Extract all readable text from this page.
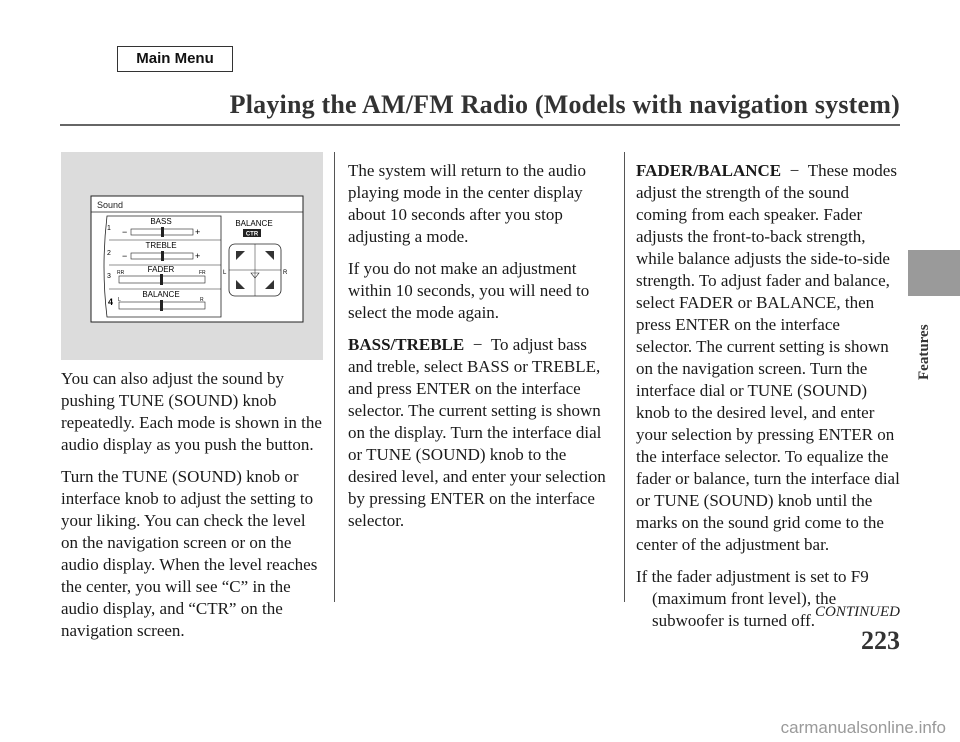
Main Menu
Playing the AM/FM Radio (Models with navigation system)
Sound
1
2
3
4
BASS
−	+
TREBLE
−	+
FADER
RR	FR
BALANCE
L	R
BALANCE
CTR
L	R

You can also adjust the sound by pushing TUNE (SOUND) knob repeatedly. Each mode is shown in the audio display as you push the button.

Turn the TUNE (SOUND) knob or interface knob to adjust the setting to your liking. You can check the level on the navigation screen or on the audio display. When the level reaches the center, you will see “C” in the audio display, and “CTR” on the navigation screen.

The system will return to the audio playing mode in the center display about 10 seconds after you stop adjusting a mode.

If you do not make an adjustment within 10 seconds, you will need to select the mode again.

BASS/TREBLE  −  To adjust bass and treble, select BASS or TREBLE, and press ENTER on the interface selector. The current setting is shown on the display. Turn the interface dial or TUNE (SOUND) knob to the desired level, and enter your selection by pressing ENTER on the interface selector.

FADER/BALANCE  −  These modes adjust the strength of the sound coming from each speaker. Fader adjusts the front-to-back strength, while balance adjusts the side-to-side strength. To adjust fader and balance, select FADER or BALANCE, then press ENTER on the interface selector. The current setting is shown on the navigation screen. Turn the interface dial or TUNE (SOUND) knob to the desired level, and enter your selection by pressing ENTER on the interface selector. To equalize the fader or balance, turn the interface dial or TUNE (SOUND) knob until the marks on the sound grid come to the center of the adjustment bar.

If the fader adjustment is set to F9 (maximum front level), the subwoofer is turned off.

Features
CONTINUED
223
carmanualsonline.info
